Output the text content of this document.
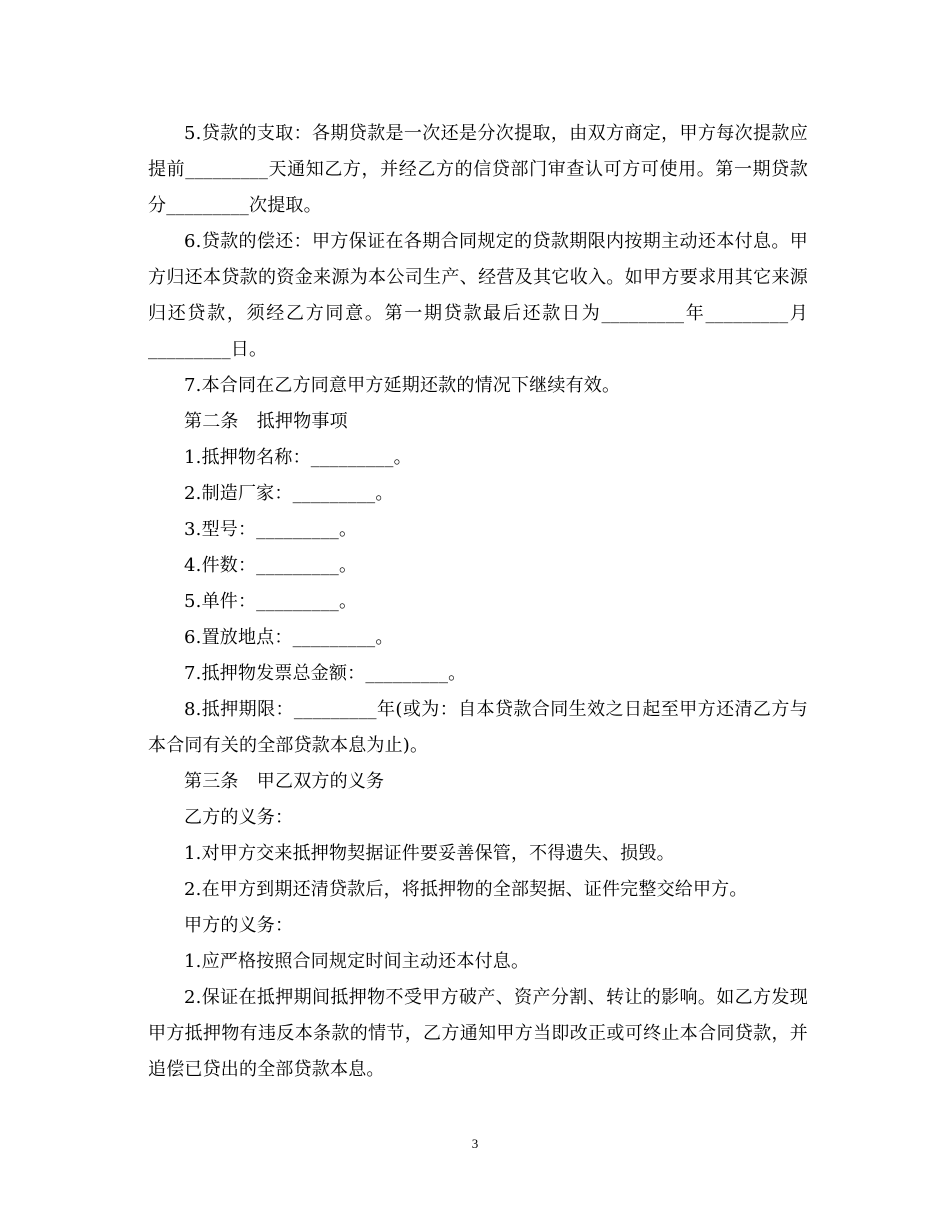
5.贷款的支取：各期贷款是一次还是分次提取，由双方商定，甲方每次提款应提前_________天通知乙方，并经乙方的信贷部门审查认可方可使用。第一期贷款分_________次提取。

6.贷款的偿还：甲方保证在各期合同规定的贷款期限内按期主动还本付息。甲方归还本贷款的资金来源为本公司生产、经营及其它收入。如甲方要求用其它来源归还贷款，须经乙方同意。第一期贷款最后还款日为_________年_________月_________日。

7.本合同在乙方同意甲方延期还款的情况下继续有效。

第二条　抵押物事项

1.抵押物名称：_________。

2.制造厂家：_________。

3.型号：_________。

4.件数：_________。

5.单件：_________。

6.置放地点：_________。

7.抵押物发票总金额：_________。

8.抵押期限：_________年(或为：自本贷款合同生效之日起至甲方还清乙方与本合同有关的全部贷款本息为止)。

第三条　甲乙双方的义务

乙方的义务：

1.对甲方交来抵押物契据证件要妥善保管，不得遗失、损毁。

2.在甲方到期还清贷款后，将抵押物的全部契据、证件完整交给甲方。

甲方的义务：

1.应严格按照合同规定时间主动还本付息。

2.保证在抵押期间抵押物不受甲方破产、资产分割、转让的影响。如乙方发现甲方抵押物有违反本条款的情节，乙方通知甲方当即改正或可终止本合同贷款，并追偿已贷出的全部贷款本息。

3
